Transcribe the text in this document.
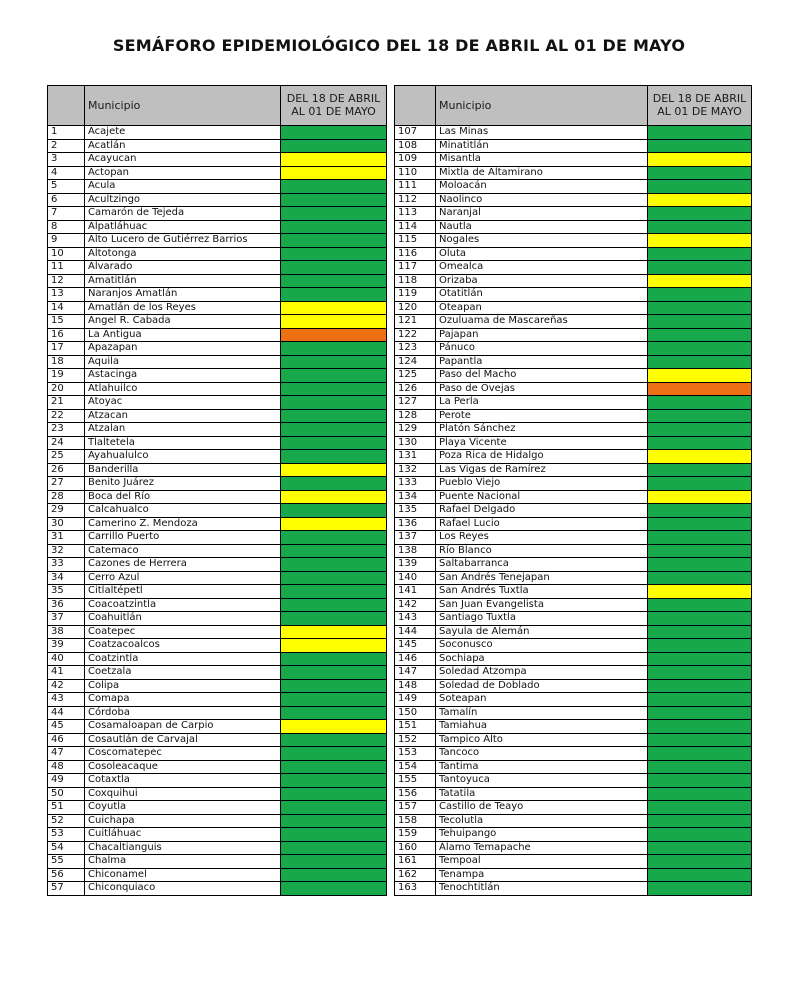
SEMÁFORO EPIDEMIOLÓGICO DEL 18 DE ABRIL AL 01 DE MAYO
	Municipio	DEL 18 DE ABRIL AL 01 DE MAYO
1	Acajete	
2	Acatlán	
3	Acayucan	
4	Actopan	
5	Acula	
6	Acultzingo	
7	Camarón de Tejeda	
8	Alpatláhuac	
9	Alto Lucero de Gutiérrez Barrios	
10	Altotonga	
11	Alvarado	
12	Amatitlán	
13	Naranjos Amatlán	
14	Amatlán de los Reyes	
15	Angel R. Cabada	
16	La Antigua	
17	Apazapan	
18	Aquila	
19	Astacinga	
20	Atlahuilco	
21	Atoyac	
22	Atzacan	
23	Atzalan	
24	Tlaltetela	
25	Ayahualulco	
26	Banderilla	
27	Benito Juárez	
28	Boca del Río	
29	Calcahualco	
30	Camerino Z. Mendoza	
31	Carrillo Puerto	
32	Catemaco	
33	Cazones de Herrera	
34	Cerro Azul	
35	Citlaltépetl	
36	Coacoatzintla	
37	Coahuitlán	
38	Coatepec	
39	Coatzacoalcos	
40	Coatzintla	
41	Coetzala	
42	Colipa	
43	Comapa	
44	Córdoba	
45	Cosamaloapan de Carpio	
46	Cosautlán de Carvajal	
47	Coscomatepec	
48	Cosoleacaque	
49	Cotaxtla	
50	Coxquihui	
51	Coyutla	
52	Cuichapa	
53	Cuitláhuac	
54	Chacaltianguis	
55	Chalma	
56	Chiconamel	
57	Chiconquiaco	
	Municipio	DEL 18 DE ABRIL AL 01 DE MAYO
107	Las Minas	
108	Minatitlán	
109	Misantla	
110	Mixtla de Altamirano	
111	Moloacán	
112	Naolinco	
113	Naranjal	
114	Nautla	
115	Nogales	
116	Oluta	
117	Omealca	
118	Orizaba	
119	Otatitlán	
120	Oteapan	
121	Ozuluama de Mascareñas	
122	Pajapan	
123	Pánuco	
124	Papantla	
125	Paso del Macho	
126	Paso de Ovejas	
127	La Perla	
128	Perote	
129	Platón Sánchez	
130	Playa Vicente	
131	Poza Rica de Hidalgo	
132	Las Vigas de Ramírez	
133	Pueblo Viejo	
134	Puente Nacional	
135	Rafael Delgado	
136	Rafael Lucio	
137	Los Reyes	
138	Río Blanco	
139	Saltabarranca	
140	San Andrés Tenejapan	
141	San Andrés Tuxtla	
142	San Juan Evangelista	
143	Santiago Tuxtla	
144	Sayula de Alemán	
145	Soconusco	
146	Sochiapa	
147	Soledad Atzompa	
148	Soledad de Doblado	
149	Soteapan	
150	Tamalín	
151	Tamiahua	
152	Tampico Alto	
153	Tancoco	
154	Tantima	
155	Tantoyuca	
156	Tatatila	
157	Castillo de Teayo	
158	Tecolutla	
159	Tehuipango	
160	Álamo Temapache	
161	Tempoal	
162	Tenampa	
163	Tenochtitlán	
